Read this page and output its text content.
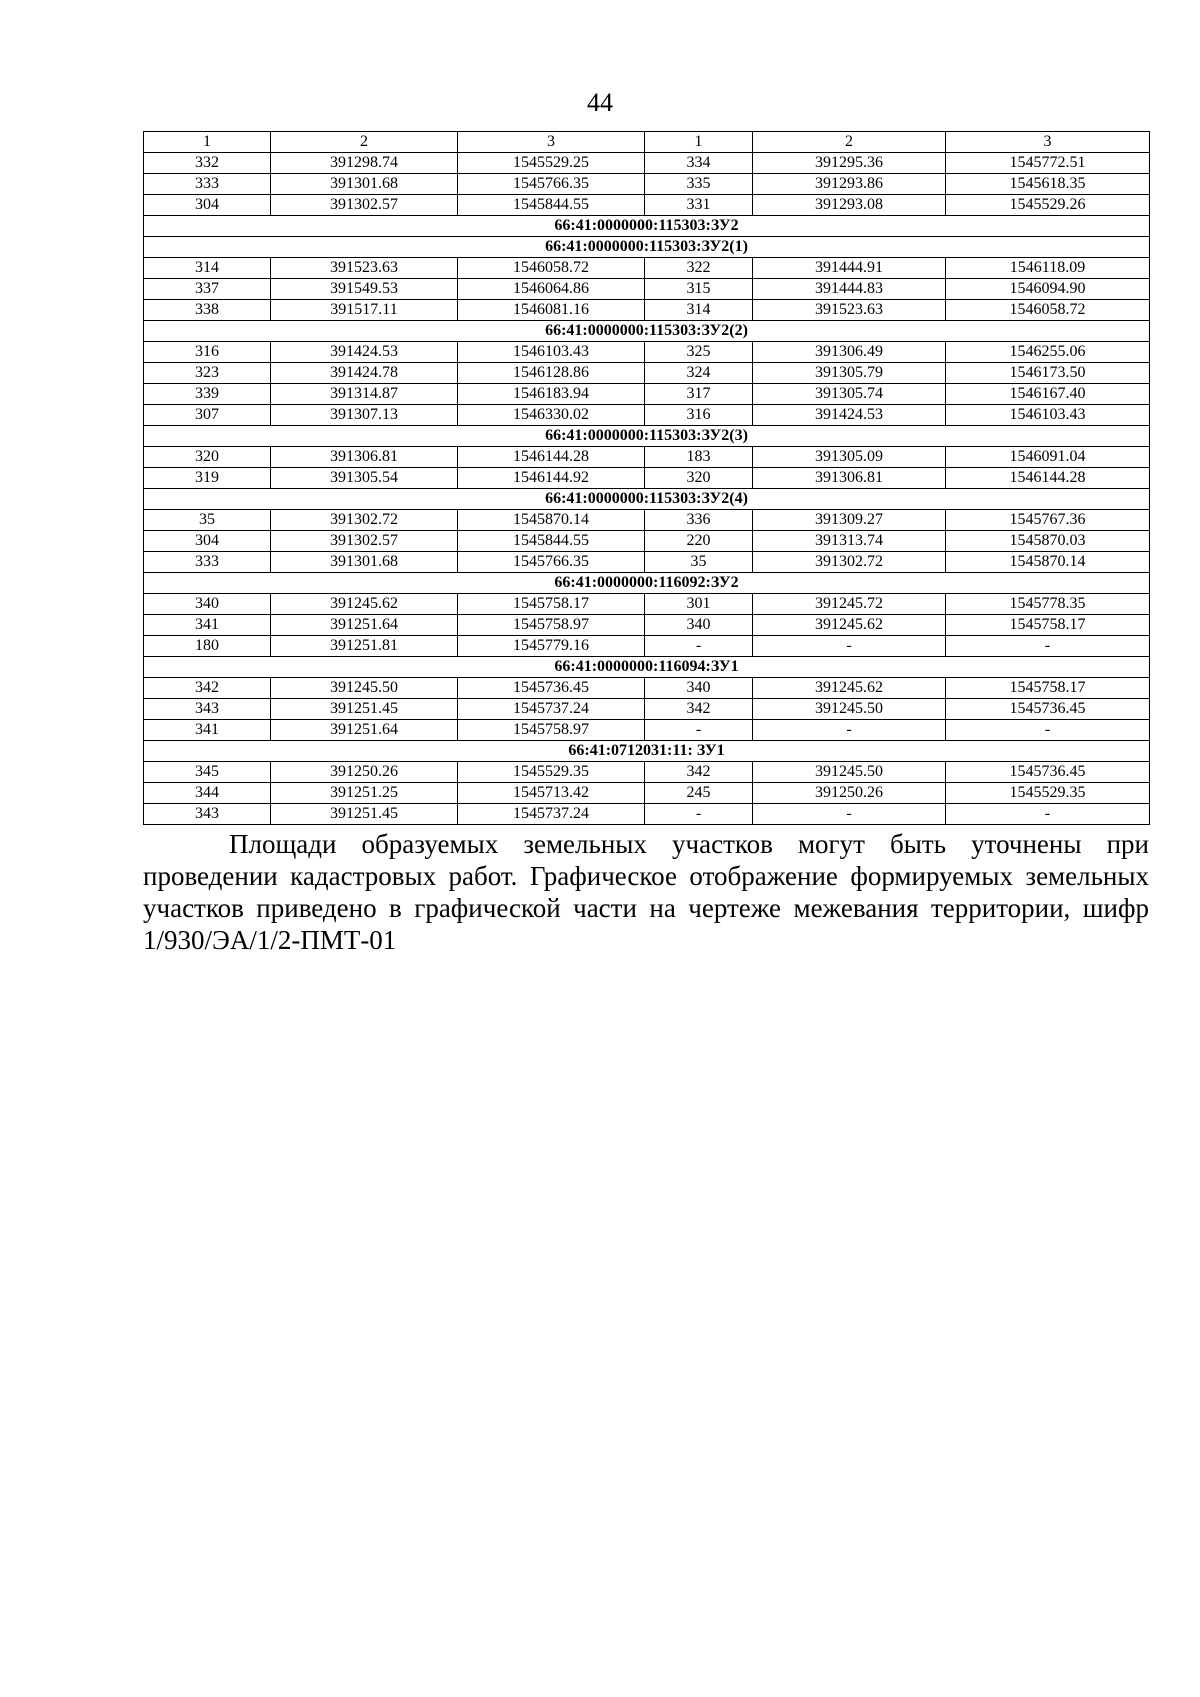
44
1	2	3	1	2	3
332	391298.74	1545529.25	334	391295.36	1545772.51
333	391301.68	1545766.35	335	391293.86	1545618.35
304	391302.57	1545844.55	331	391293.08	1545529.26
66:41:0000000:115303:ЗУ2					
66:41:0000000:115303:ЗУ2(1)					
314	391523.63	1546058.72	322	391444.91	1546118.09
337	391549.53	1546064.86	315	391444.83	1546094.90
338	391517.11	1546081.16	314	391523.63	1546058.72
66:41:0000000:115303:ЗУ2(2)					
316	391424.53	1546103.43	325	391306.49	1546255.06
323	391424.78	1546128.86	324	391305.79	1546173.50
339	391314.87	1546183.94	317	391305.74	1546167.40
307	391307.13	1546330.02	316	391424.53	1546103.43
66:41:0000000:115303:ЗУ2(3)					
320	391306.81	1546144.28	183	391305.09	1546091.04
319	391305.54	1546144.92	320	391306.81	1546144.28
66:41:0000000:115303:ЗУ2(4)					
35	391302.72	1545870.14	336	391309.27	1545767.36
304	391302.57	1545844.55	220	391313.74	1545870.03
333	391301.68	1545766.35	35	391302.72	1545870.14
66:41:0000000:116092:ЗУ2					
340	391245.62	1545758.17	301	391245.72	1545778.35
341	391251.64	1545758.97	340	391245.62	1545758.17
180	391251.81	1545779.16	-	-	-
66:41:0000000:116094:ЗУ1					
342	391245.50	1545736.45	340	391245.62	1545758.17
343	391251.45	1545737.24	342	391245.50	1545736.45
341	391251.64	1545758.97	-	-	-
66:41:0712031:11: ЗУ1					
345	391250.26	1545529.35	342	391245.50	1545736.45
344	391251.25	1545713.42	245	391250.26	1545529.35
343	391251.45	1545737.24	-	-	-

Площади образуемых земельных участков могут быть уточнены при проведении кадастровых работ. Графическое отображение формируемых земельных участков приведено в графической части на чертеже межевания территории, шифр 1/930/ЭА/1/2-ПМТ-01
